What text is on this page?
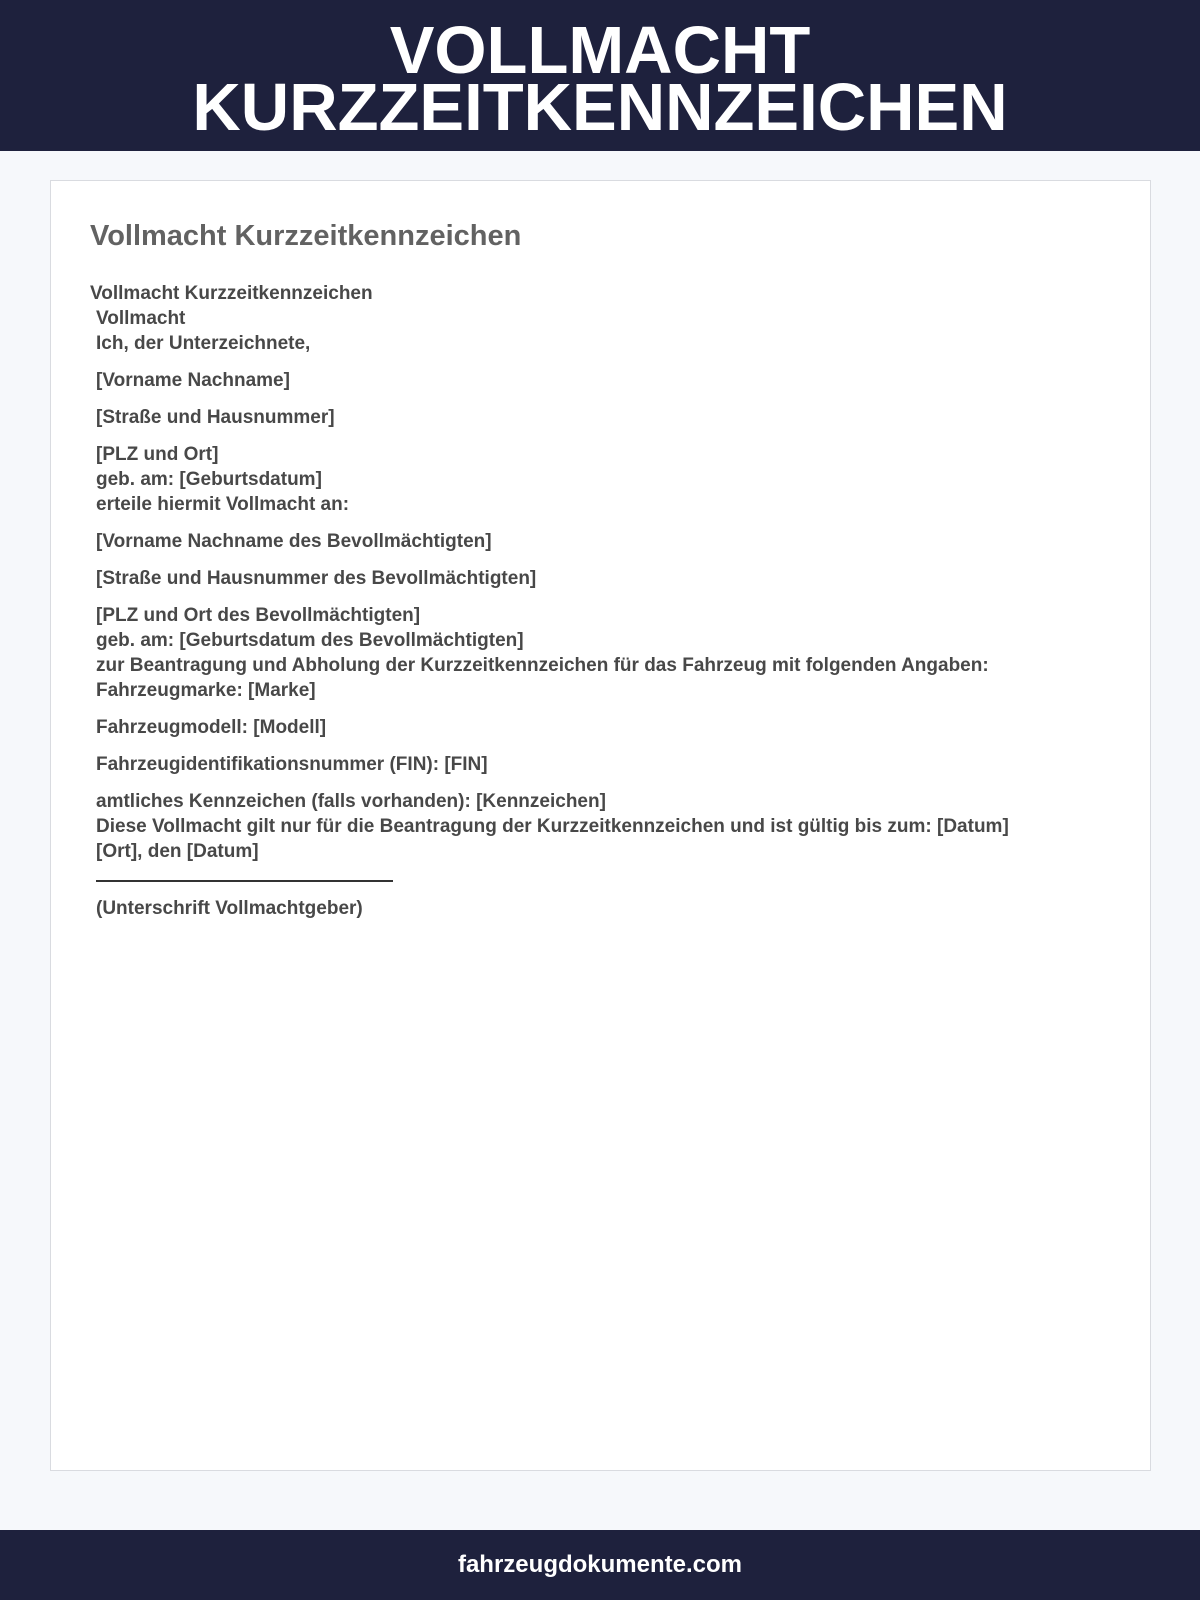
VOLLMACHT
KURZZEITKENNZEICHEN
Vollmacht Kurzzeitkennzeichen
Vollmacht Kurzzeitkennzeichen
Vollmacht
Ich, der Unterzeichnete,
[Vorname Nachname]
[Straße und Hausnummer]
[PLZ und Ort]
geb. am: [Geburtsdatum]
erteile hiermit Vollmacht an:
[Vorname Nachname des Bevollmächtigten]
[Straße und Hausnummer des Bevollmächtigten]
[PLZ und Ort des Bevollmächtigten]
geb. am: [Geburtsdatum des Bevollmächtigten]
zur Beantragung und Abholung der Kurzzeitkennzeichen für das Fahrzeug mit folgenden Angaben:
Fahrzeugmarke: [Marke]
Fahrzeugmodell: [Modell]
Fahrzeugidentifikationsnummer (FIN): [FIN]
amtliches Kennzeichen (falls vorhanden): [Kennzeichen]
Diese Vollmacht gilt nur für die Beantragung der Kurzzeitkennzeichen und ist gültig bis zum: [Datum]
[Ort], den [Datum]
(Unterschrift Vollmachtgeber)
fahrzeugdokumente.com
